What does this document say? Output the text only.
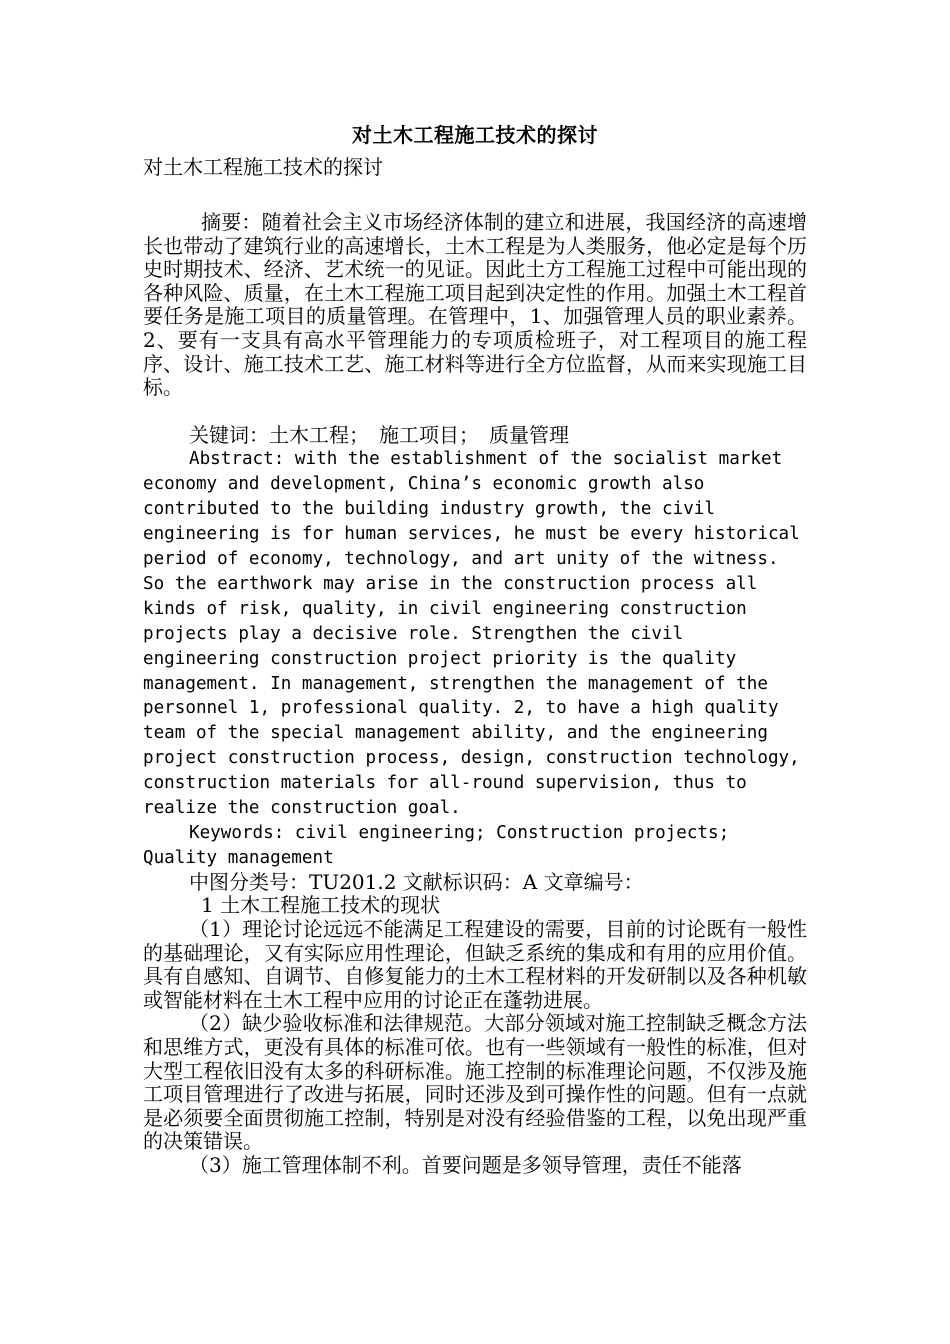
对土木工程施工技术的探讨

对土木工程施工技术的探讨

摘要：随着社会主义市场经济体制的建立和进展，我国经济的高速增长也带动了建筑行业的高速增长，土木工程是为人类服务，他必定是每个历史时期技术、经济、艺术统一的见证。因此土方工程施工过程中可能出现的各种风险、质量，在土木工程施工项目起到决定性的作用。加强土木工程首要任务是施工项目的质量管理。在管理中，1、加强管理人员的职业素养。2、要有一支具有高水平管理能力的专项质检班子，对工程项目的施工程序、设计、施工技术工艺、施工材料等进行全方位监督，从而来实现施工目标。

关键词：土木工程；　施工项目；　质量管理

Abstract: with the establishment of the socialist market economy and development, China’s economic growth also contributed to the building industry growth, the civil engineering is for human services, he must be every historical period of economy, technology, and art unity of the witness. So the earthwork may arise in the construction process all kinds of risk, quality, in civil engineering construction projects play a decisive role. Strengthen the civil engineering construction project priority is the quality management. In management, strengthen the management of the personnel 1, professional quality. 2, to have a high quality team of the special management ability, and the engineering project construction process, design, construction technology, construction materials for all-round supervision, thus to realize the construction goal.

Keywords: civil engineering; Construction projects; Quality management

中图分类号：TU201.2 文献标识码：A 文章编号：

1 土木工程施工技术的现状

（1）理论讨论远远不能满足工程建设的需要，目前的讨论既有一般性的基础理论，又有实际应用性理论，但缺乏系统的集成和有用的应用价值。具有自感知、自调节、自修复能力的土木工程材料的开发研制以及各种机敏或智能材料在土木工程中应用的讨论正在蓬勃进展。

（2）缺少验收标准和法律规范。大部分领域对施工控制缺乏概念方法和思维方式，更没有具体的标准可依。也有一些领域有一般性的标准，但对大型工程依旧没有太多的科研标准。施工控制的标准理论问题，不仅涉及施工项目管理进行了改进与拓展，同时还涉及到可操作性的问题。但有一点就是必须要全面贯彻施工控制，特别是对没有经验借鉴的工程，以免出现严重的决策错误。

（3）施工管理体制不利。首要问题是多领导管理，责任不能落
